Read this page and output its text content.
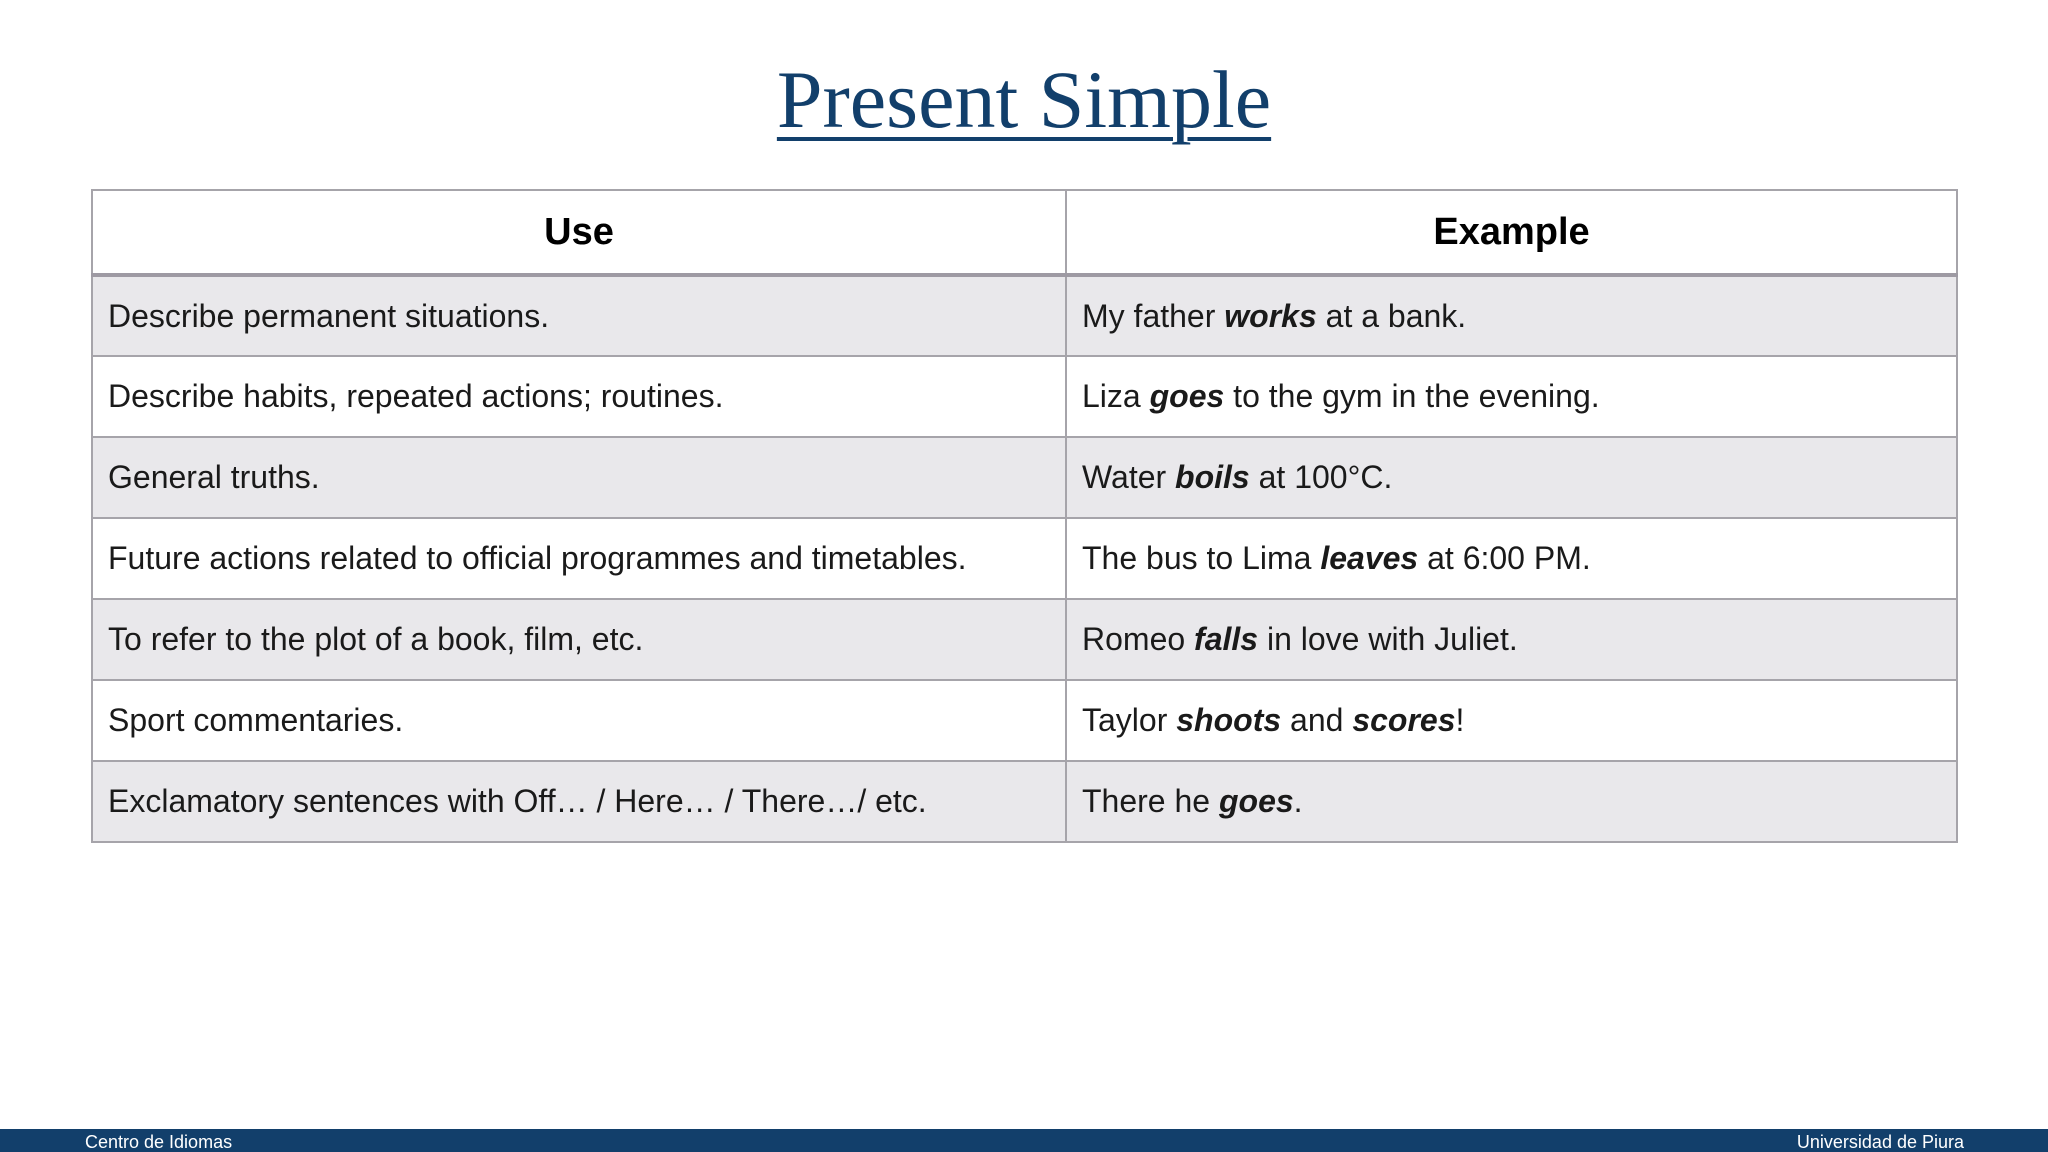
Present Simple
Use	Example
Describe permanent situations.	My father works at a bank.
Describe habits, repeated actions; routines.	Liza goes to the gym in the evening.
General truths.	Water boils at 100°C.
Future actions related to official programmes and timetables.	The bus to Lima leaves at 6:00 PM.
To refer to the plot of a book, film, etc.	Romeo falls in love with Juliet.
Sport commentaries.	Taylor shoots and scores!
Exclamatory sentences with Off… / Here… / There…/ etc.	There he goes.
Centro de Idiomas	Universidad de Piura
